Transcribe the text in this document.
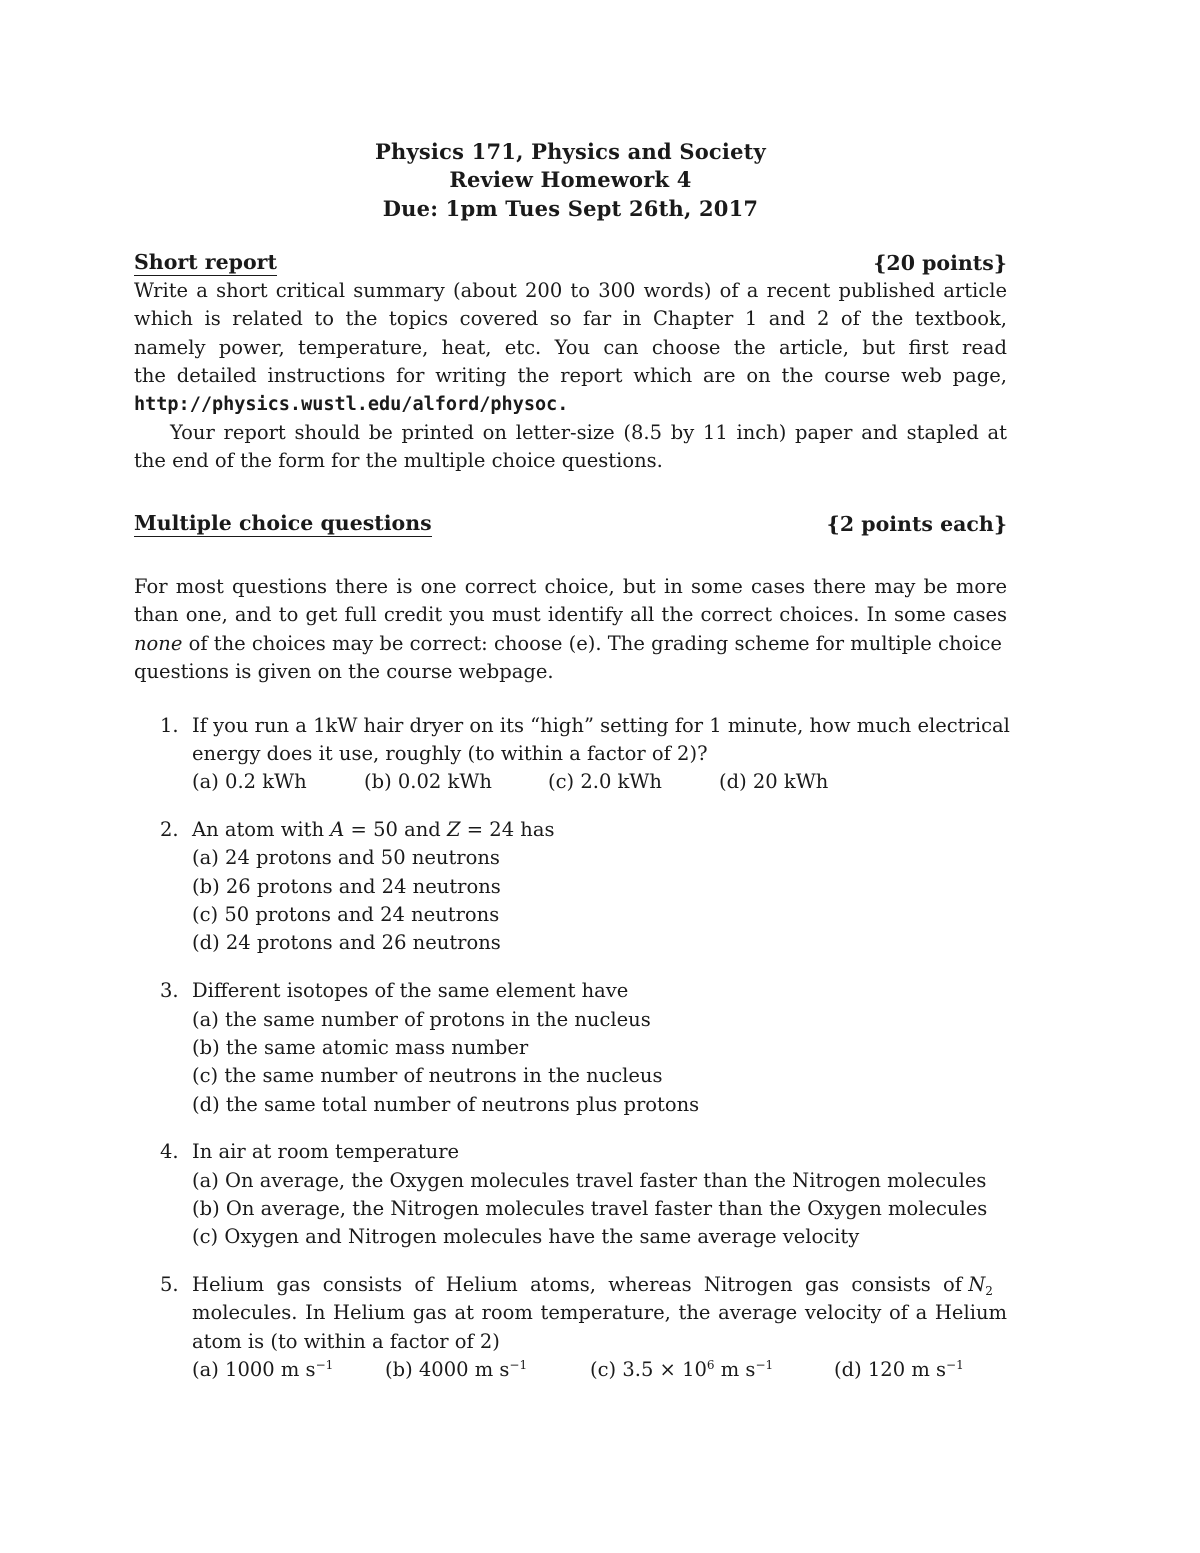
Physics 171, Physics and Society
Review Homework 4
Due: 1pm Tues Sept 26th, 2017
Short report	{20 points}
Write a short critical summary (about 200 to 300 words) of a recent published article
which is related to the topics covered so far in Chapter 1 and 2 of the textbook,
namely power, temperature, heat, etc. You can choose the article, but first read
the detailed instructions for writing the report which are on the course web page,
http://physics.wustl.edu/alford/physoc.
Your report should be printed on letter-size (8.5 by 11 inch) paper and stapled at
the end of the form for the multiple choice questions.
Multiple choice questions	{2 points each}
For most questions there is one correct choice, but in some cases there may be more
than one, and to get full credit you must identify all the correct choices. In some cases
none of the choices may be correct: choose (e). The grading scheme for multiple choice
questions is given on the course webpage.
1. If you run a 1kW hair dryer on its “high” setting for 1 minute, how much electrical
energy does it use, roughly (to within a factor of 2)?
(a) 0.2 kWh	(b) 0.02 kWh	(c) 2.0 kWh	(d) 20 kWh
2. An atom with A = 50 and Z = 24 has
(a) 24 protons and 50 neutrons
(b) 26 protons and 24 neutrons
(c) 50 protons and 24 neutrons
(d) 24 protons and 26 neutrons
3. Different isotopes of the same element have
(a) the same number of protons in the nucleus
(b) the same atomic mass number
(c) the same number of neutrons in the nucleus
(d) the same total number of neutrons plus protons
4. In air at room temperature
(a) On average, the Oxygen molecules travel faster than the Nitrogen molecules
(b) On average, the Nitrogen molecules travel faster than the Oxygen molecules
(c) Oxygen and Nitrogen molecules have the same average velocity
5. Helium gas consists of Helium atoms, whereas Nitrogen gas consists of $N_2$
molecules. In Helium gas at room temperature, the average velocity of a Helium
atom is (to within a factor of 2)
(a) 1000 m $s^{-1}$	(b) 4000 m $s^{-1}$	(c) $3.5 \times 10^6$ m $s^{-1}$	(d) 120 m $s^{-1}$
